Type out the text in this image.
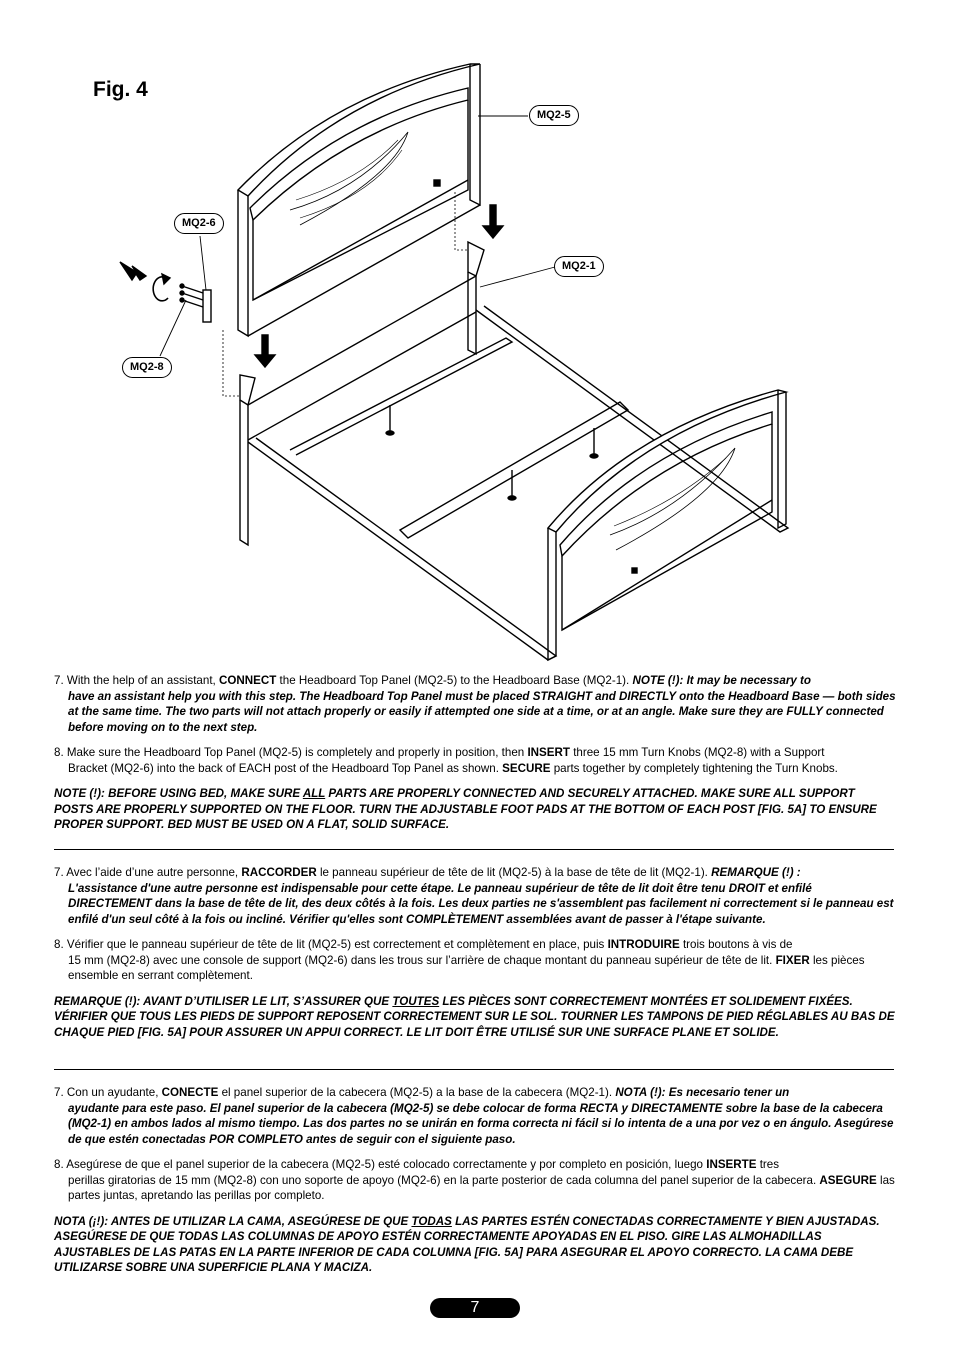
Fig. 4
MQ2-5
MQ2-6
MQ2-1
MQ2-8

7. With the help of an assistant, CONNECT the Headboard Top Panel (MQ2-5) to the Headboard Base (MQ2-1). NOTE (!): It may be necessary to
have an assistant help you with this step. The Headboard Top Panel must be placed STRAIGHT and DIRECTLY onto the Headboard Base — both sides at the same time. The two parts will not attach properly or easily if attempted one side at a time, or at an angle. Make sure they are FULLY connected before moving on to the next step.

8. Make sure the Headboard Top Panel (MQ2-5) is completely and properly in position, then INSERT three 15 mm Turn Knobs (MQ2-8) with a Support
Bracket (MQ2-6) into the back of EACH post of the Headboard Top Panel as shown. SECURE parts together by completely tightening the Turn Knobs.

NOTE (!): BEFORE USING BED, MAKE SURE ALL PARTS ARE PROPERLY CONNECTED AND SECURELY ATTACHED. MAKE SURE ALL SUPPORT POSTS ARE PROPERLY SUPPORTED ON THE FLOOR. TURN THE ADJUSTABLE FOOT PADS AT THE BOTTOM OF EACH POST [FIG. 5A] TO ENSURE PROPER SUPPORT. BED MUST BE USED ON A FLAT, SOLID SURFACE.

7. Avec l’aide d’une autre personne, RACCORDER le panneau supérieur de tête de lit (MQ2-5) à la base de tête de lit (MQ2-1). REMARQUE (!) :
L'assistance d'une autre personne est indispensable pour cette étape. Le panneau supérieur de tête de lit doit être tenu DROIT et enfilé DIRECTEMENT dans la base de tête de lit, des deux côtés à la fois. Les deux parties ne s'assemblent pas facilement ni correctement si le panneau est enfilé d'un seul côté à la fois ou incliné. Vérifier qu'elles sont COMPLÈTEMENT assemblées avant de passer à l'étape suivante.

8. Vérifier que le panneau supérieur de tête de lit (MQ2-5) est correctement et complètement en place, puis INTRODUIRE trois boutons à vis de
15 mm (MQ2-8) avec une console de support (MQ2-6) dans les trous sur l’arrière de chaque montant du panneau supérieur de tête de lit. FIXER les pièces ensemble en serrant complètement.

REMARQUE (!): AVANT D’UTILISER LE LIT, S’ASSURER QUE TOUTES LES PIÈCES SONT CORRECTEMENT MONTÉES ET SOLIDEMENT FIXÉES. VÉRIFIER QUE TOUS LES PIEDS DE SUPPORT REPOSENT CORRECTEMENT SUR LE SOL. TOURNER LES TAMPONS DE PIED RÉGLABLES AU BAS DE CHAQUE PIED [FIG. 5A] POUR ASSURER UN APPUI CORRECT. LE LIT DOIT ÊTRE UTILISÉ SUR UNE SURFACE PLANE ET SOLIDE.

7. Con un ayudante, CONECTE el panel superior de la cabecera (MQ2-5) a la base de la cabecera (MQ2-1). NOTA (!): Es necesario tener un
ayudante para este paso. El panel superior de la cabecera (MQ2-5) se debe colocar de forma RECTA y DIRECTAMENTE sobre la base de la cabecera (MQ2-1) en ambos lados al mismo tiempo. Las dos partes no se unirán en forma correcta ni fácil si lo intenta de a una por vez o en ángulo. Asegúrese de que estén conectadas POR COMPLETO antes de seguir con el siguiente paso.

8. Asegúrese de que el panel superior de la cabecera (MQ2-5) esté colocado correctamente y por completo en posición, luego INSERTE tres
perillas giratorias de 15 mm (MQ2-8) con uno soporte de apoyo (MQ2-6) en la parte posterior de cada columna del panel superior de la cabecera. ASEGURE las partes juntas, apretando las perillas por completo.

NOTA (¡!): ANTES DE UTILIZAR LA CAMA, ASEGÚRESE DE QUE TODAS LAS PARTES ESTÉN CONECTADAS CORRECTAMENTE Y BIEN AJUSTADAS. ASEGÚRESE DE QUE TODAS LAS COLUMNAS DE APOYO ESTÉN CORRECTAMENTE APOYADAS EN EL PISO. GIRE LAS ALMOHADILLAS AJUSTABLES DE LAS PATAS EN LA PARTE INFERIOR DE CADA COLUMNA [FIG. 5A] PARA ASEGURAR EL APOYO CORRECTO. LA CAMA DEBE UTILIZARSE SOBRE UNA SUPERFICIE PLANA Y MACIZA.

7
